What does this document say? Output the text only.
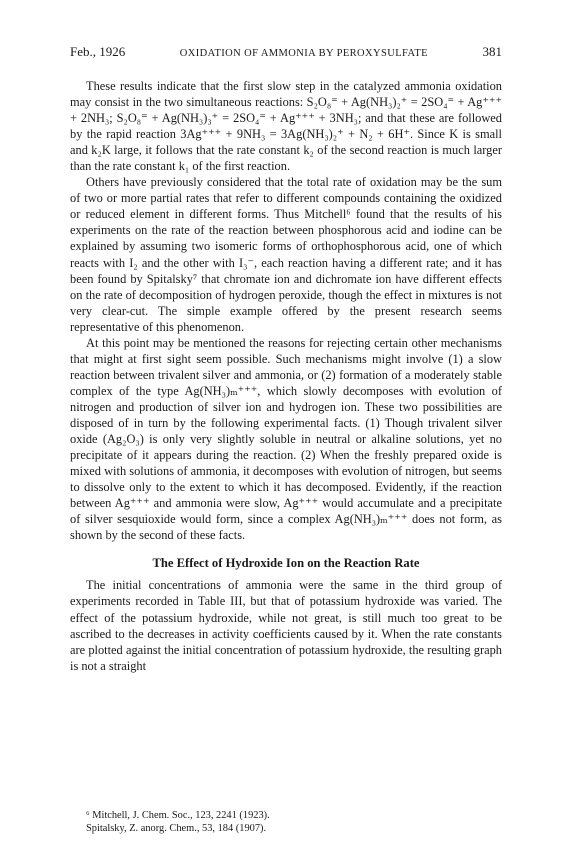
Feb., 1926	OXIDATION OF AMMONIA BY PEROXYSULFATE	381

These results indicate that the first slow step in the catalyzed ammonia oxidation may consist in the two simultaneous reactions: S₂O₈⁼ + Ag(NH₃)₂⁺ = 2SO₄⁼ + Ag⁺⁺⁺ + 2NH₃; S₂O₈⁼ + Ag(NH₃)₃⁺ = 2SO₄⁼ + Ag⁺⁺⁺ + 3NH₃; and that these are followed by the rapid reaction 3Ag⁺⁺⁺ + 9NH₃ = 3Ag(NH₃)₂⁺ + N₂ + 6H⁺. Since K is small and k₂K large, it follows that the rate constant k₂ of the second reaction is much larger than the rate constant k₁ of the first reaction.

Others have previously considered that the total rate of oxidation may be the sum of two or more partial rates that refer to different compounds containing the oxidized or reduced element in different forms. Thus Mitchell⁶ found that the results of his experiments on the rate of the reaction between phosphorous acid and iodine can be explained by assuming two isomeric forms of orthophosphorous acid, one of which reacts with I₂ and the other with I₃⁻, each reaction having a different rate; and it has been found by Spitalsky⁷ that chromate ion and dichromate ion have different effects on the rate of decomposition of hydrogen peroxide, though the effect in mixtures is not very clear-cut. The simple example offered by the present research seems representative of this phenomenon.

At this point may be mentioned the reasons for rejecting certain other mechanisms that might at first sight seem possible. Such mechanisms might involve (1) a slow reaction between trivalent silver and ammonia, or (2) formation of a moderately stable complex of the type Ag(NH₃)ₘ⁺⁺⁺, which slowly decomposes with evolution of nitrogen and production of silver ion and hydrogen ion. These two possibilities are disposed of in turn by the following experimental facts. (1) Though trivalent silver oxide (Ag₂O₃) is only very slightly soluble in neutral or alkaline solutions, yet no precipitate of it appears during the reaction. (2) When the freshly prepared oxide is mixed with solutions of ammonia, it decomposes with evolution of nitrogen, but seems to dissolve only to the extent to which it has decomposed. Evidently, if the reaction between Ag⁺⁺⁺ and ammonia were slow, Ag⁺⁺⁺ would accumulate and a precipitate of silver sesquioxide would form, since a complex Ag(NH₃)ₘ⁺⁺⁺ does not form, as shown by the second of these facts.

The Effect of Hydroxide Ion on the Reaction Rate

The initial concentrations of ammonia were the same in the third group of experiments recorded in Table III, but that of potassium hydroxide was varied. The effect of the potassium hydroxide, while not great, is still much too great to be ascribed to the decreases in activity coefficients caused by it. When the rate constants are plotted against the initial concentration of potassium hydroxide, the resulting graph is not a straight

⁶ Mitchell, J. Chem. Soc., 123, 2241 (1923).
Spitalsky, Z. anorg. Chem., 53, 184 (1907).
